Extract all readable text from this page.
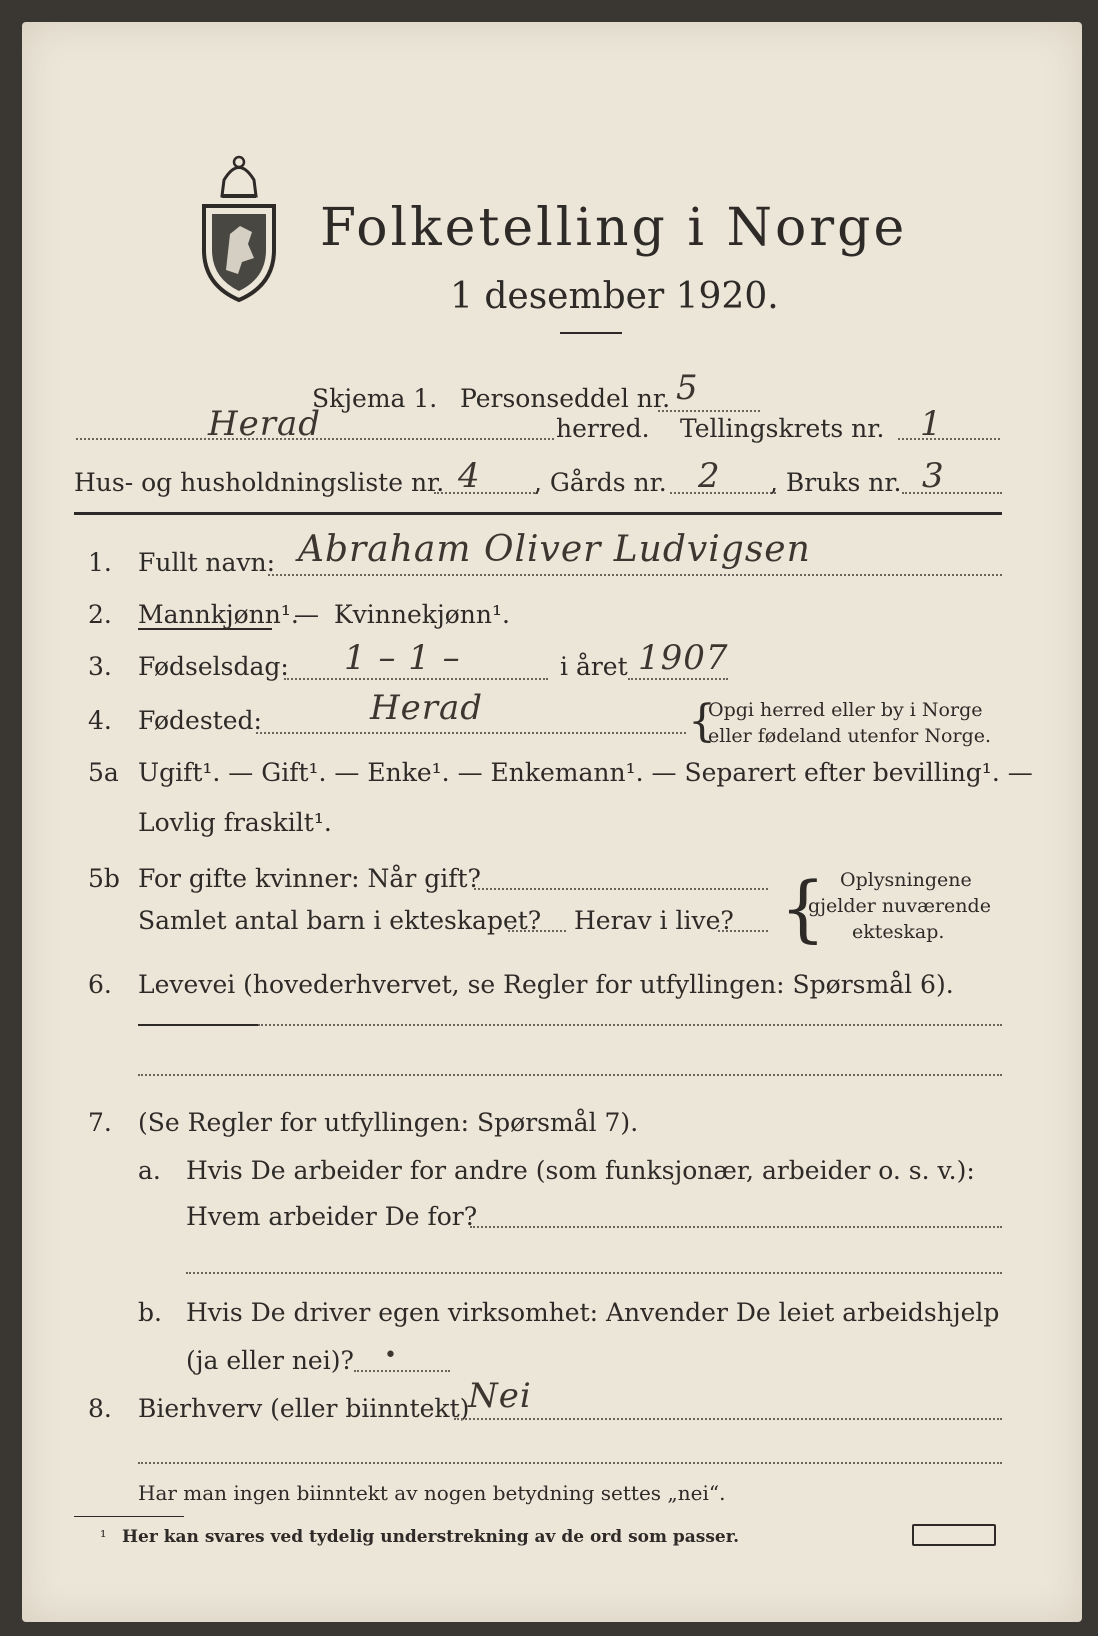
Folketelling i Norge
1 desember 1920.
Skjema 1. Personseddel nr. 5
Herad	herred. Tellingskrets nr. 1
Hus- og husholdningsliste nr. 4 , Gårds nr. 2 , Bruks nr. 3
1. Fullt navn: Abraham Oliver Ludvigsen
2. Mannkjønn¹.
— Kvinnekjønn¹.
3. Fødselsdag: 1 – 1 –	i året 1907
4. Fødested:	Herad	{
Opgi herred eller by i Norge
eller fødeland utenfor Norge.
5a Ugift¹. — Gift¹. — Enke¹. — Enkemann¹. — Separert efter bevilling¹. —
Lovlig fraskilt¹.
5b For gifte kvinner: Når gift?
Samlet antal barn i ekteskapet? Herav i live? { Oplysningene
gjelder nuværende
ekteskap.
6. Levevei (hovederhvervet, se Regler for utfyllingen: Spørsmål 6).
7. (Se Regler for utfyllingen: Spørsmål 7).
a. Hvis De arbeider for andre (som funksjonær, arbeider o. s. v.):
Hvem arbeider De for?
b. Hvis De driver egen virksomhet: Anvender De leiet arbeidshjelp
(ja eller nei)? •
8. Bierhverv (eller biinntekt)
Nei
Har man ingen biinntekt av nogen betydning settes „nei“.
¹ Her kan svares ved tydelig understrekning av de ord som passer.
